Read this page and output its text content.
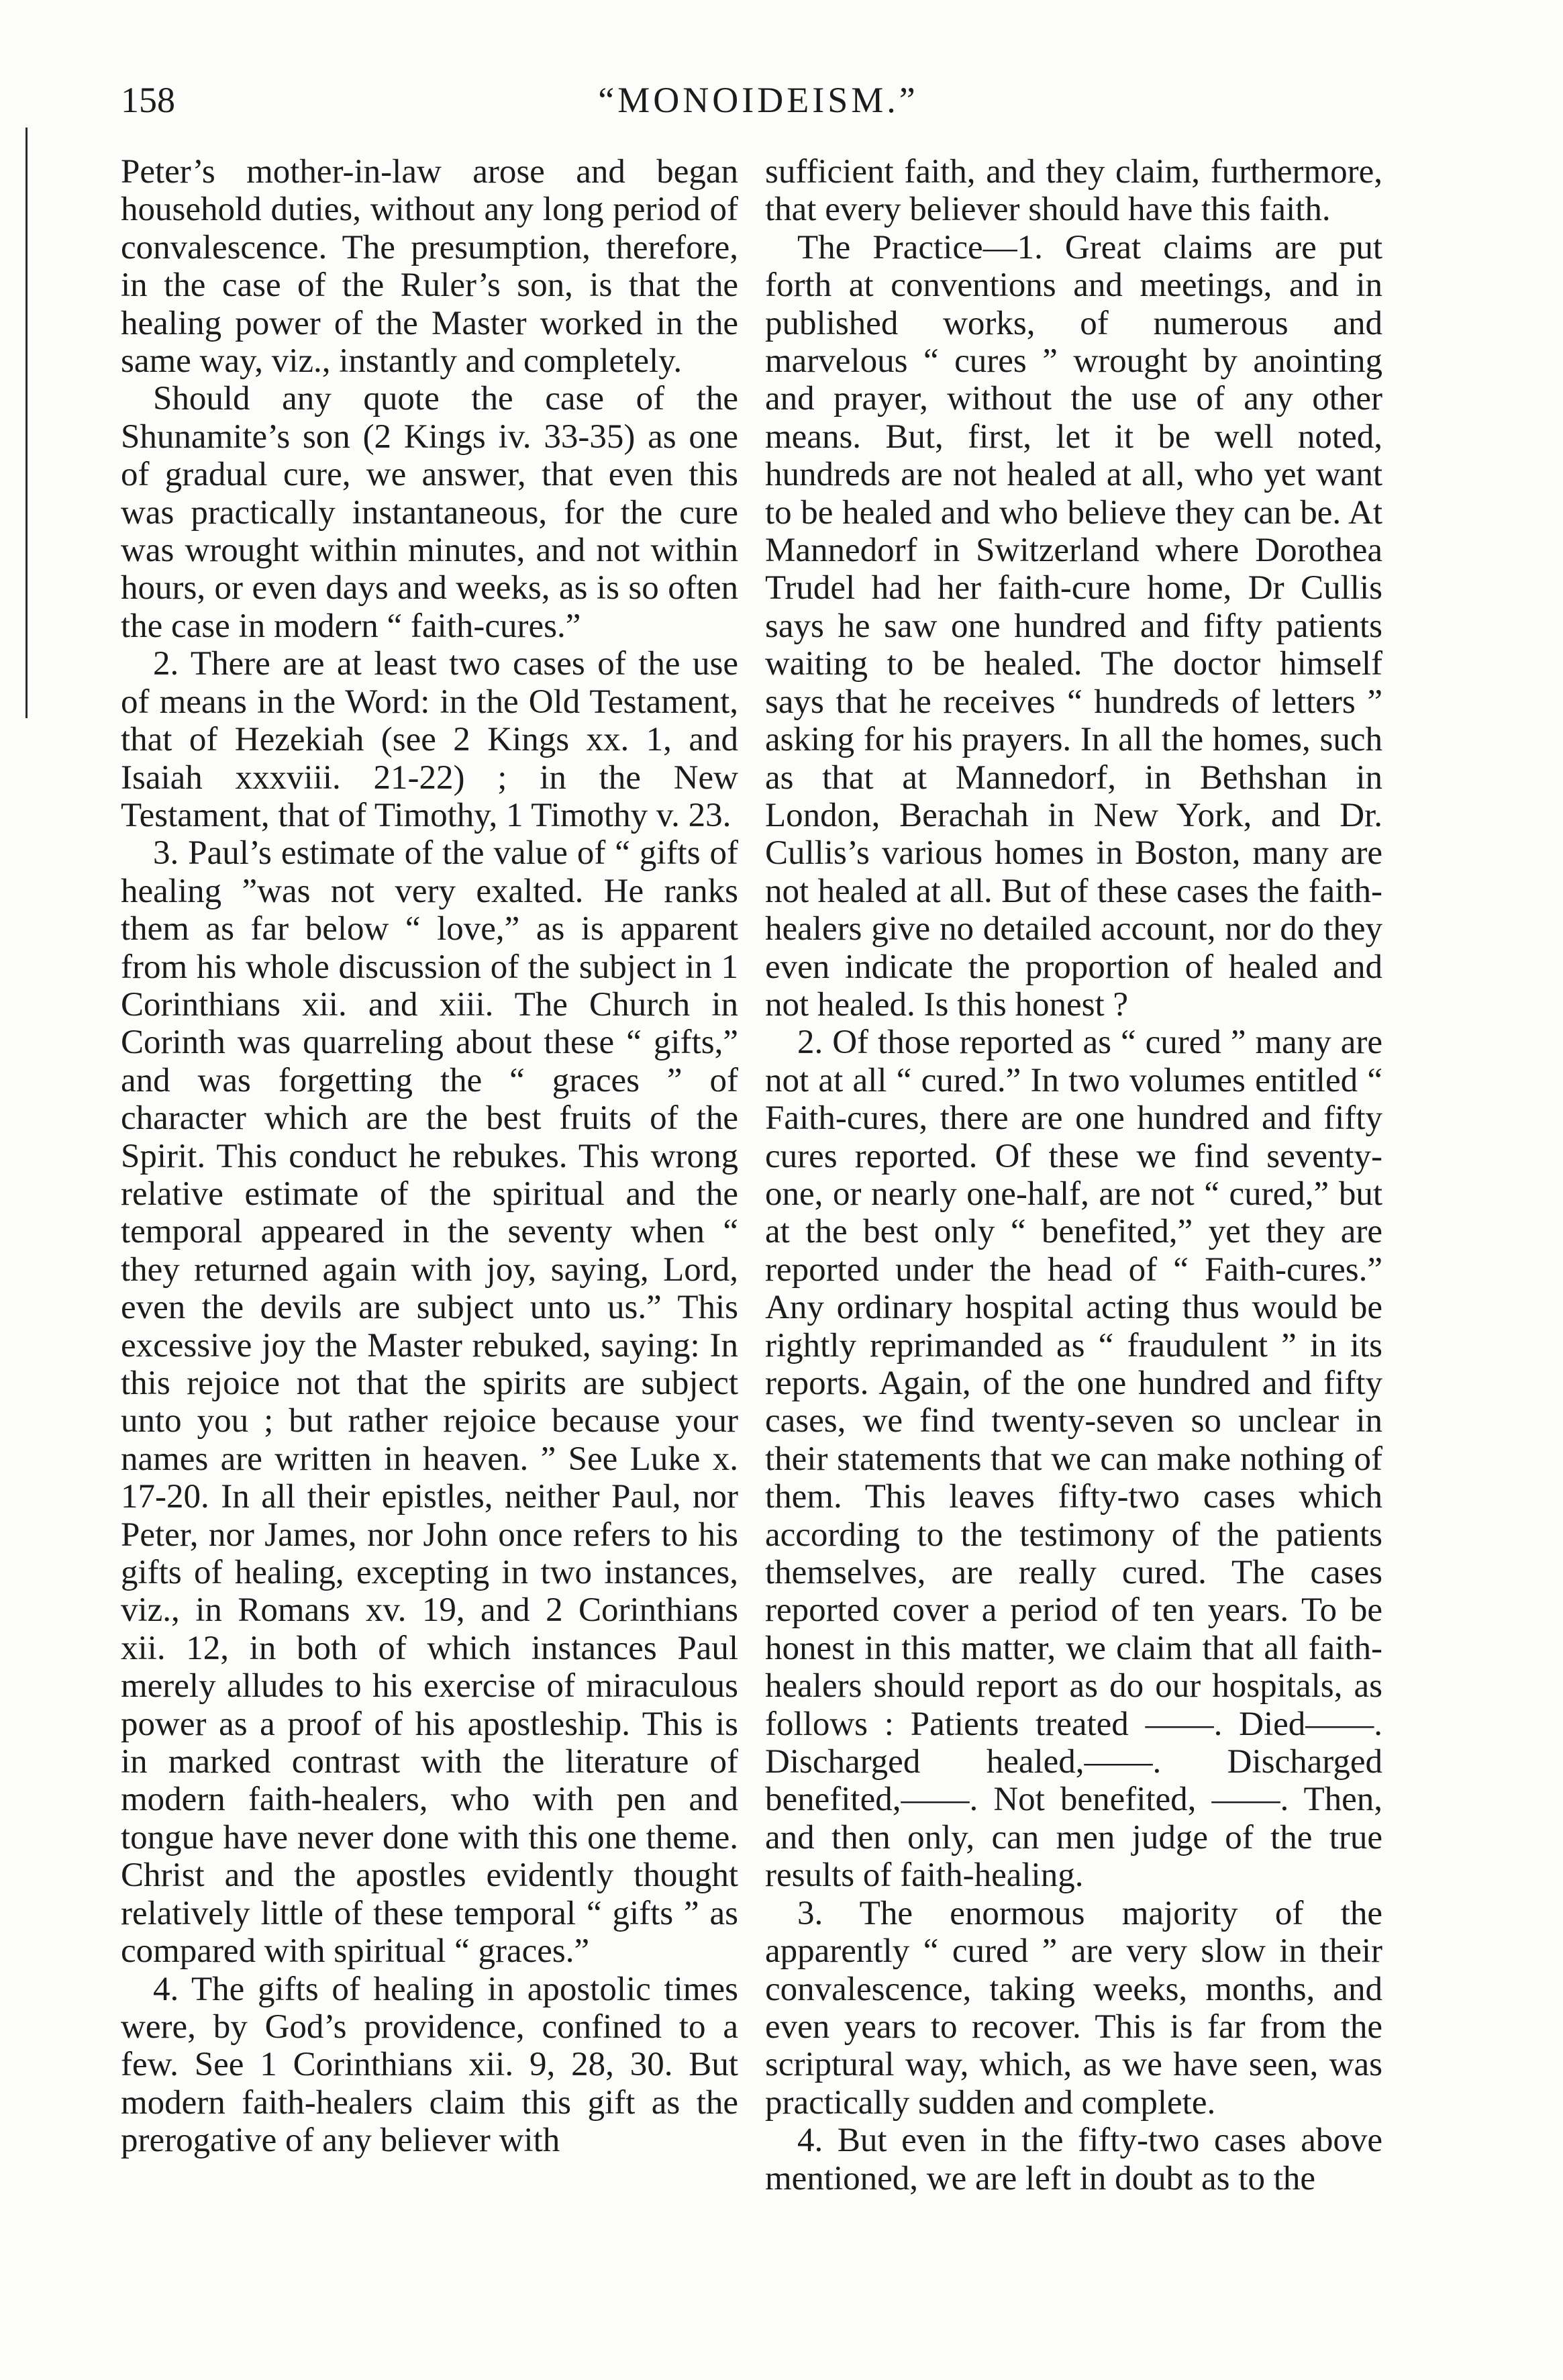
158	“MONOIDEISM.”

Peter’s mother-in-law arose and began household duties, without any long period of convalescence. The presumption, therefore, in the case of the Ruler’s son, is that the healing power of the Master worked in the same way, viz., instantly and completely.

Should any quote the case of the Shunamite’s son (2 Kings iv. 33-35) as one of gradual cure, we answer, that even this was practically instantaneous, for the cure was wrought within minutes, and not within hours, or even days and weeks, as is so often the case in modern “ faith-cures.”

2. There are at least two cases of the use of means in the Word: in the Old Testament, that of Hezekiah (see 2 Kings xx. 1, and Isaiah xxxviii. 21-22) ; in the New Testament, that of Timothy, 1 Timothy v. 23.

3. Paul’s estimate of the value of “ gifts of healing ”was not very exalted. He ranks them as far below “ love,” as is apparent from his whole discussion of the subject in 1 Corinthians xii. and xiii. The Church in Corinth was quarreling about these “ gifts,” and was forgetting the “ graces ” of character which are the best fruits of the Spirit. This conduct he rebukes. This wrong relative estimate of the spiritual and the temporal appeared in the seventy when “ they returned again with joy, saying, Lord, even the devils are subject unto us.” This excessive joy the Master rebuked, saying: In this rejoice not that the spirits are subject unto you ; but rather rejoice because your names are written in heaven. ” See Luke x. 17-20. In all their epistles, neither Paul, nor Peter, nor James, nor John once refers to his gifts of healing, excepting in two instances, viz., in Romans xv. 19, and 2 Corinthians xii. 12, in both of which instances Paul merely alludes to his exercise of miraculous power as a proof of his apostleship. This is in marked contrast with the literature of modern faith-healers, who with pen and tongue have never done with this one theme. Christ and the apostles evidently thought relatively little of these temporal “ gifts ” as compared with spiritual “ graces.”

4. The gifts of healing in apostolic times were, by God’s providence, confined to a few. See 1 Corinthians xii. 9, 28, 30. But modern faith-healers claim this gift as the prerogative of any believer with

sufficient faith, and they claim, furthermore, that every believer should have this faith.

The Practice—1. Great claims are put forth at conventions and meetings, and in published works, of numerous and marvelous “ cures ” wrought by anointing and prayer, without the use of any other means. But, first, let it be well noted, hundreds are not healed at all, who yet want to be healed and who believe they can be. At Mannedorf in Switzerland where Dorothea Trudel had her faith-cure home, Dr Cullis says he saw one hundred and fifty patients waiting to be healed. The doctor himself says that he receives “ hundreds of letters ” asking for his prayers. In all the homes, such as that at Mannedorf, in Bethshan in London, Berachah in New York, and Dr. Cullis’s various homes in Boston, many are not healed at all. But of these cases the faith-healers give no detailed account, nor do they even indicate the proportion of healed and not healed. Is this honest ?

2. Of those reported as “ cured ” many are not at all “ cured.” In two volumes entitled “ Faith-cures, there are one hundred and fifty cures reported. Of these we find seventy-one, or nearly one-half, are not “ cured,” but at the best only “ benefited,” yet they are reported under the head of “ Faith-cures.” Any ordinary hospital acting thus would be rightly reprimanded as “ fraudulent ” in its reports. Again, of the one hundred and fifty cases, we find twenty-seven so unclear in their statements that we can make nothing of them. This leaves fifty-two cases which according to the testimony of the patients themselves, are really cured. The cases reported cover a period of ten years. To be honest in this matter, we claim that all faith-healers should report as do our hospitals, as follows : Patients treated ——. Died——. Discharged healed,——. Discharged benefited,——. Not benefited, ——. Then, and then only, can men judge of the true results of faith-healing.

3. The enormous majority of the apparently “ cured ” are very slow in their convalescence, taking weeks, months, and even years to recover. This is far from the scriptural way, which, as we have seen, was practically sudden and complete.

4. But even in the fifty-two cases above mentioned, we are left in doubt as to the
